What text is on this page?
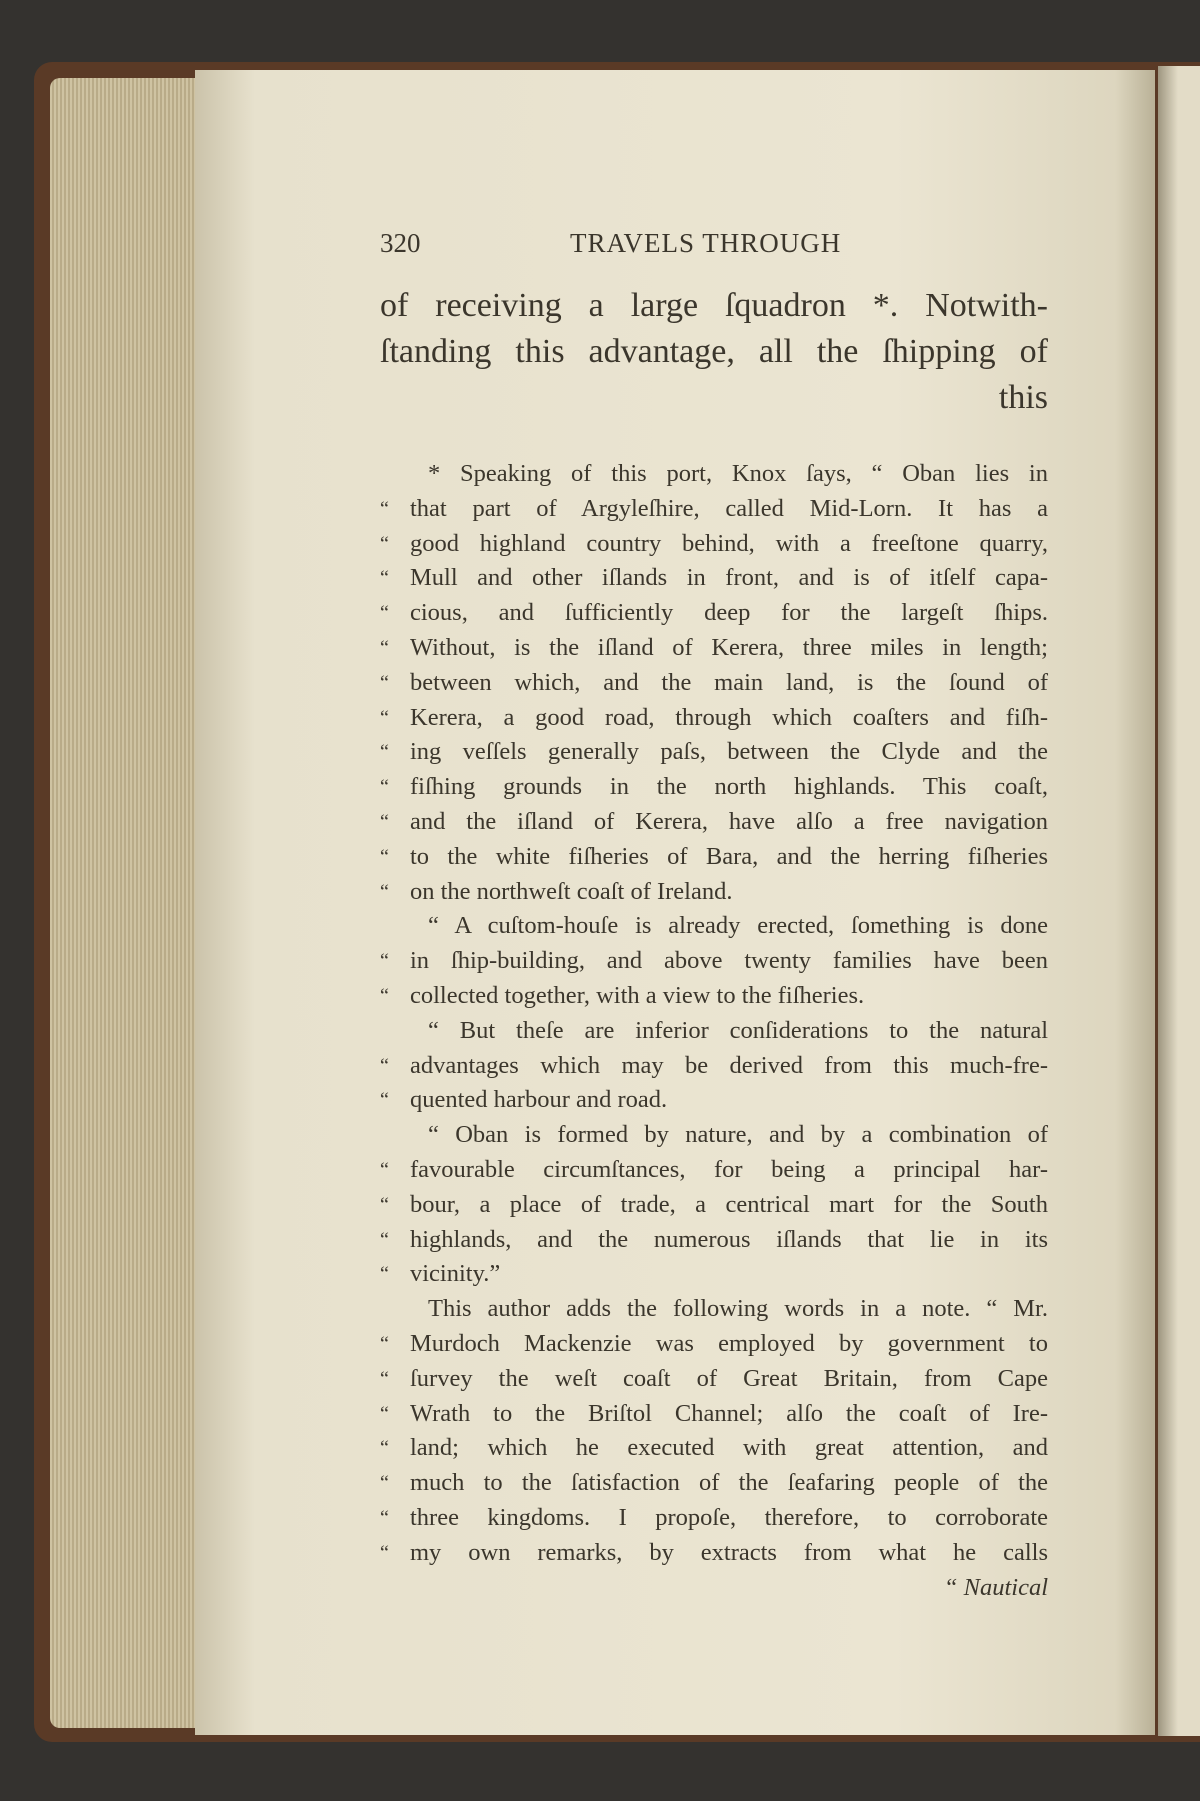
320	TRAVELS THROUGH
of receiving a large ſquadron *. Notwith-
ſtanding this advantage, all the ſhipping of
this
* Speaking of this port, Knox ſays, “ Oban lies in
“ that part of Argyleſhire, called Mid-Lorn. It has a
“ good highland country behind, with a freeſtone quarry,
“ Mull and other iſlands in front, and is of itſelf capa-
“ cious, and ſufficiently deep for the largeſt ſhips.
“ Without, is the iſland of Kerera, three miles in length;
“ between which, and the main land, is the ſound of
“ Kerera, a good road, through which coaſters and fiſh-
“ ing veſſels generally paſs, between the Clyde and the
“ fiſhing grounds in the north highlands. This coaſt,
“ and the iſland of Kerera, have alſo a free navigation
“ to the white fiſheries of Bara, and the herring fiſheries
“ on the northweſt coaſt of Ireland.
“ A cuſtom-houſe is already erected, ſomething is done
“ in ſhip-building, and above twenty families have been
“ collected together, with a view to the fiſheries.
“ But theſe are inferior conſiderations to the natural
“ advantages which may be derived from this much-fre-
“ quented harbour and road.
“ Oban is formed by nature, and by a combination of
“ favourable circumſtances, for being a principal har-
“ bour, a place of trade, a centrical mart for the South
“ highlands, and the numerous iſlands that lie in its
“ vicinity.”
This author adds the following words in a note. “ Mr.
“ Murdoch Mackenzie was employed by government to
“ ſurvey the weſt coaſt of Great Britain, from Cape
“ Wrath to the Briſtol Channel; alſo the coaſt of Ire-
“ land; which he executed with great attention, and
“ much to the ſatisfaction of the ſeafaring people of the
“ three kingdoms. I propoſe, therefore, to corroborate
“ my own remarks, by extracts from what he calls
“ Nautical
